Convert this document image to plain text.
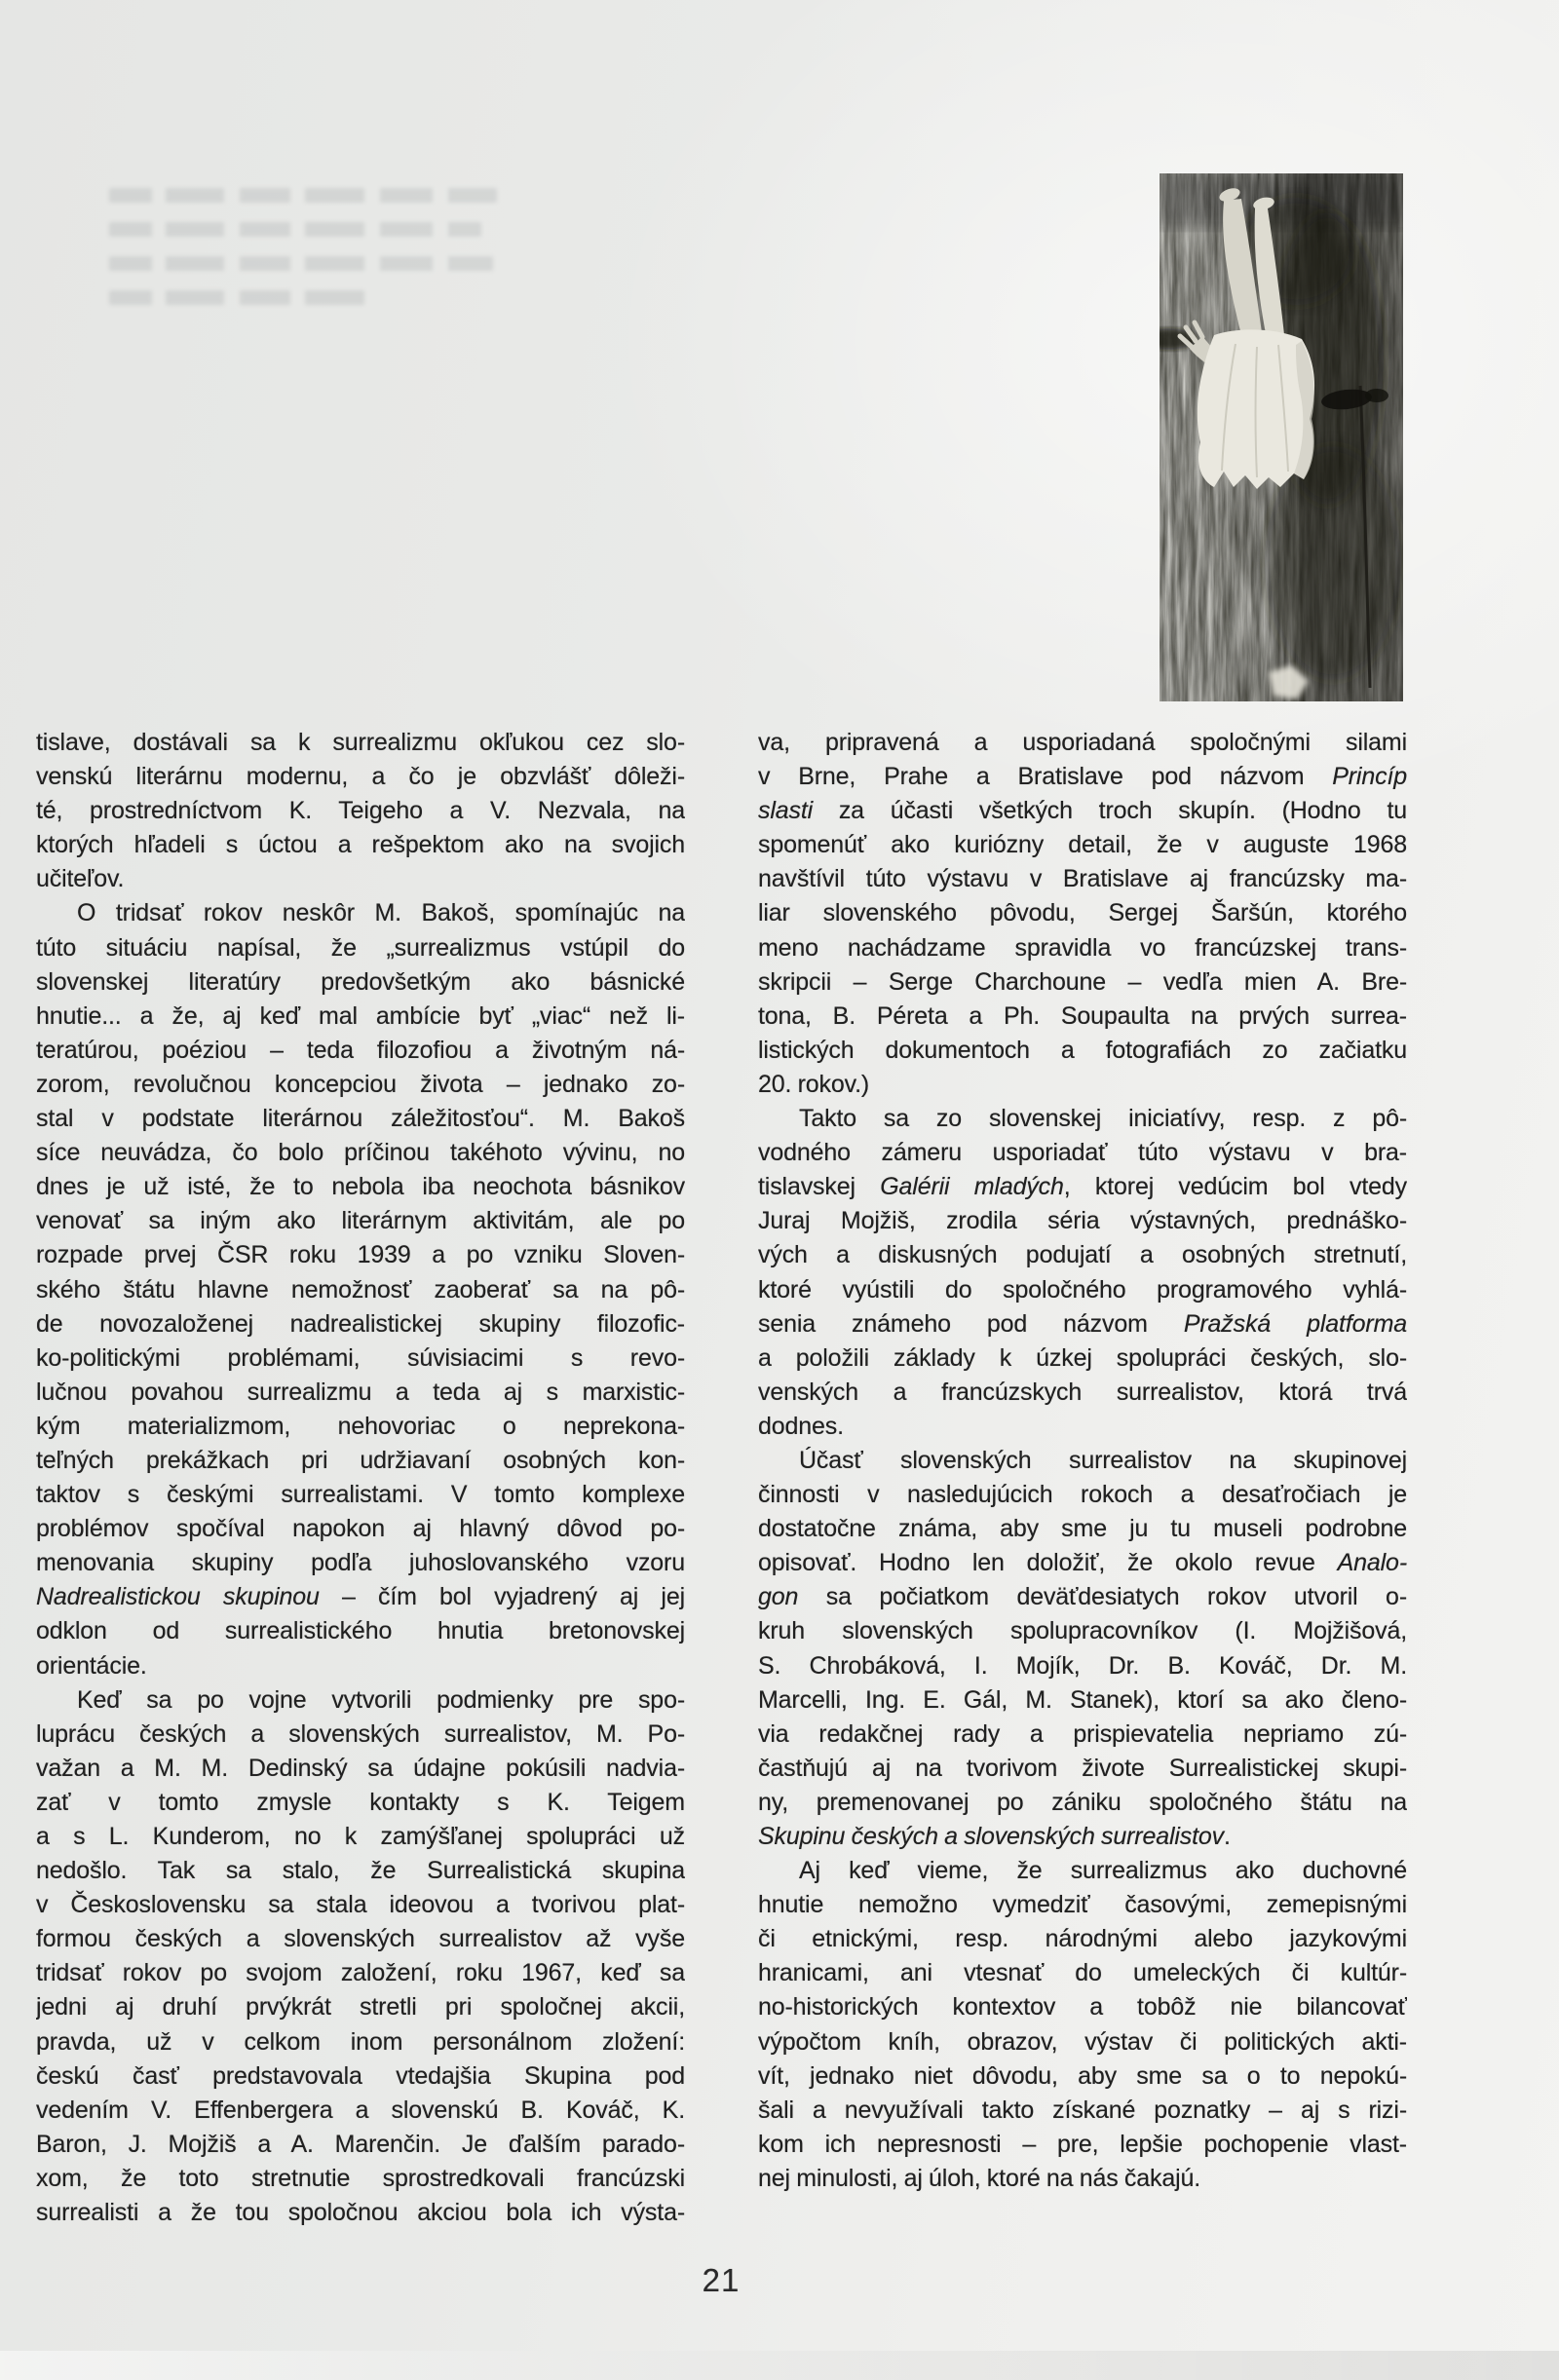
tislave, dostávali sa k surrealizmu okľukou cez slo-
venskú literárnu modernu, a čo je obzvlášť dôleži-
té, prostredníctvom K. Teigeho a V. Nezvala, na
ktorých hľadeli s úctou a rešpektom ako na svojich
učiteľov.
O tridsať rokov neskôr M. Bakoš, spomínajúc na
túto situáciu napísal, že „surrealizmus vstúpil do
slovenskej literatúry predovšetkým ako básnické
hnutie... a že, aj keď mal ambície byť „viac“ než li-
teratúrou, poéziou – teda filozofiou a životným ná-
zorom, revolučnou koncepciou života – jednako zo-
stal v podstate literárnou záležitosťou“. M. Bakoš
síce neuvádza, čo bolo príčinou takéhoto vývinu, no
dnes je už isté, že to nebola iba neochota básnikov
venovať sa iným ako literárnym aktivitám, ale po
rozpade prvej ČSR roku 1939 a po vzniku Sloven-
ského štátu hlavne nemožnosť zaoberať sa na pô-
de novozaloženej nadrealistickej skupiny filozofic-
ko-politickými problémami, súvisiacimi s revo-
lučnou povahou surrealizmu a teda aj s marxistic-
kým materializmom, nehovoriac o neprekona-
teľných prekážkach pri udržiavaní osobných kon-
taktov s českými surrealistami. V tomto komplexe
problémov spočíval napokon aj hlavný dôvod po-
menovania skupiny podľa juhoslovanského vzoru
Nadrealistickou skupinou – čím bol vyjadrený aj jej
odklon od surrealistického hnutia bretonovskej
orientácie.
Keď sa po vojne vytvorili podmienky pre spo-
luprácu českých a slovenských surrealistov, M. Po-
važan a M. M. Dedinský sa údajne pokúsili nadvia-
zať v tomto zmysle kontakty s K. Teigem
a s L. Kunderom, no k zamýšľanej spolupráci už
nedošlo. Tak sa stalo, že Surrealistická skupina
v Československu sa stala ideovou a tvorivou plat-
formou českých a slovenských surrealistov až vyše
tridsať rokov po svojom založení, roku 1967, keď sa
jedni aj druhí prvýkrát stretli pri spoločnej akcii,
pravda, už v celkom inom personálnom zložení:
českú časť predstavovala vtedajšia Skupina pod
vedením V. Effenbergera a slovenskú B. Kováč, K.
Baron, J. Mojžiš a A. Marenčin. Je ďalším parado-
xom, že toto stretnutie sprostredkovali francúzski
surrealisti a že tou spoločnou akciou bola ich výsta-
va, pripravená a usporiadaná spoločnými silami
v Brne, Prahe a Bratislave pod názvom Princíp
slasti za účasti všetkých troch skupín. (Hodno tu
spomenúť ako kuriózny detail, že v auguste 1968
navštívil túto výstavu v Bratislave aj francúzsky ma-
liar slovenského pôvodu, Sergej Šaršún, ktorého
meno nachádzame spravidla vo francúzskej trans-
skripcii – Serge Charchoune – vedľa mien A. Bre-
tona, B. Péreta a Ph. Soupaulta na prvých surrea-
listických dokumentoch a fotografiách zo začiatku
20. rokov.)
Takto sa zo slovenskej iniciatívy, resp. z pô-
vodného zámeru usporiadať túto výstavu v bra-
tislavskej Galérii mladých, ktorej vedúcim bol vtedy
Juraj Mojžiš, zrodila séria výstavných, prednáško-
vých a diskusných podujatí a osobných stretnutí,
ktoré vyústili do spoločného programového vyhlá-
senia známeho pod názvom Pražská platforma
a položili základy k úzkej spolupráci českých, slo-
venských a francúzskych surrealistov, ktorá trvá
dodnes.
Účasť slovenských surrealistov na skupinovej
činnosti v nasledujúcich rokoch a desaťročiach je
dostatočne známa, aby sme ju tu museli podrobne
opisovať. Hodno len doložiť, že okolo revue Analo-
gon sa počiatkom deväťdesiatych rokov utvoril o-
kruh slovenských spolupracovníkov (I. Mojžišová,
S. Chrobáková, I. Mojík, Dr. B. Kováč, Dr. M.
Marcelli, Ing. E. Gál, M. Stanek), ktorí sa ako členo-
via redakčnej rady a prispievatelia nepriamo zú-
častňujú aj na tvorivom živote Surrealistickej skupi-
ny, premenovanej po zániku spoločného štátu na
Skupinu českých a slovenských surrealistov.
Aj keď vieme, že surrealizmus ako duchovné
hnutie nemožno vymedziť časovými, zemepisnými
či etnickými, resp. národnými alebo jazykovými
hranicami, ani vtesnať do umeleckých či kultúr-
no-historických kontextov a tobôž nie bilancovať
výpočtom kníh, obrazov, výstav či politických akti-
vít, jednako niet dôvodu, aby sme sa o to nepokú-
šali a nevyužívali takto získané poznatky – aj s rizi-
kom ich nepresnosti – pre, lepšie pochopenie vlast-
nej minulosti, aj úloh, ktoré na nás čakajú.
21
